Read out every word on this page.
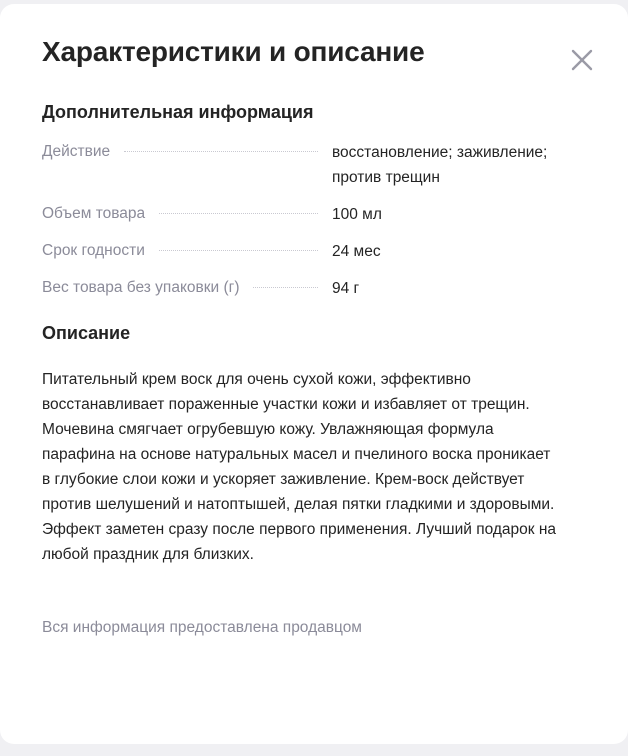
Характеристики и описание
Дополнительная информация
Действие	восстановление; заживление; против трещин
Объем товара	100 мл
Срок годности	24 мес
Вес товара без упаковки (г)	94 г
Описание

Питательный крем воск для очень сухой кожи, эффективно восстанавливает пораженные участки кожи и избавляет от трещин. Мочевина смягчает огрубевшую кожу. Увлажняющая формула парафина на основе натуральных масел и пчелиного воска проникает в глубокие слои кожи и ускоряет заживление. Крем-воск действует против шелушений и натоптышей, делая пятки гладкими и здоровыми. Эффект заметен сразу после первого применения. Лучший подарок на любой праздник для близких.

Вся информация предоставлена продавцом
